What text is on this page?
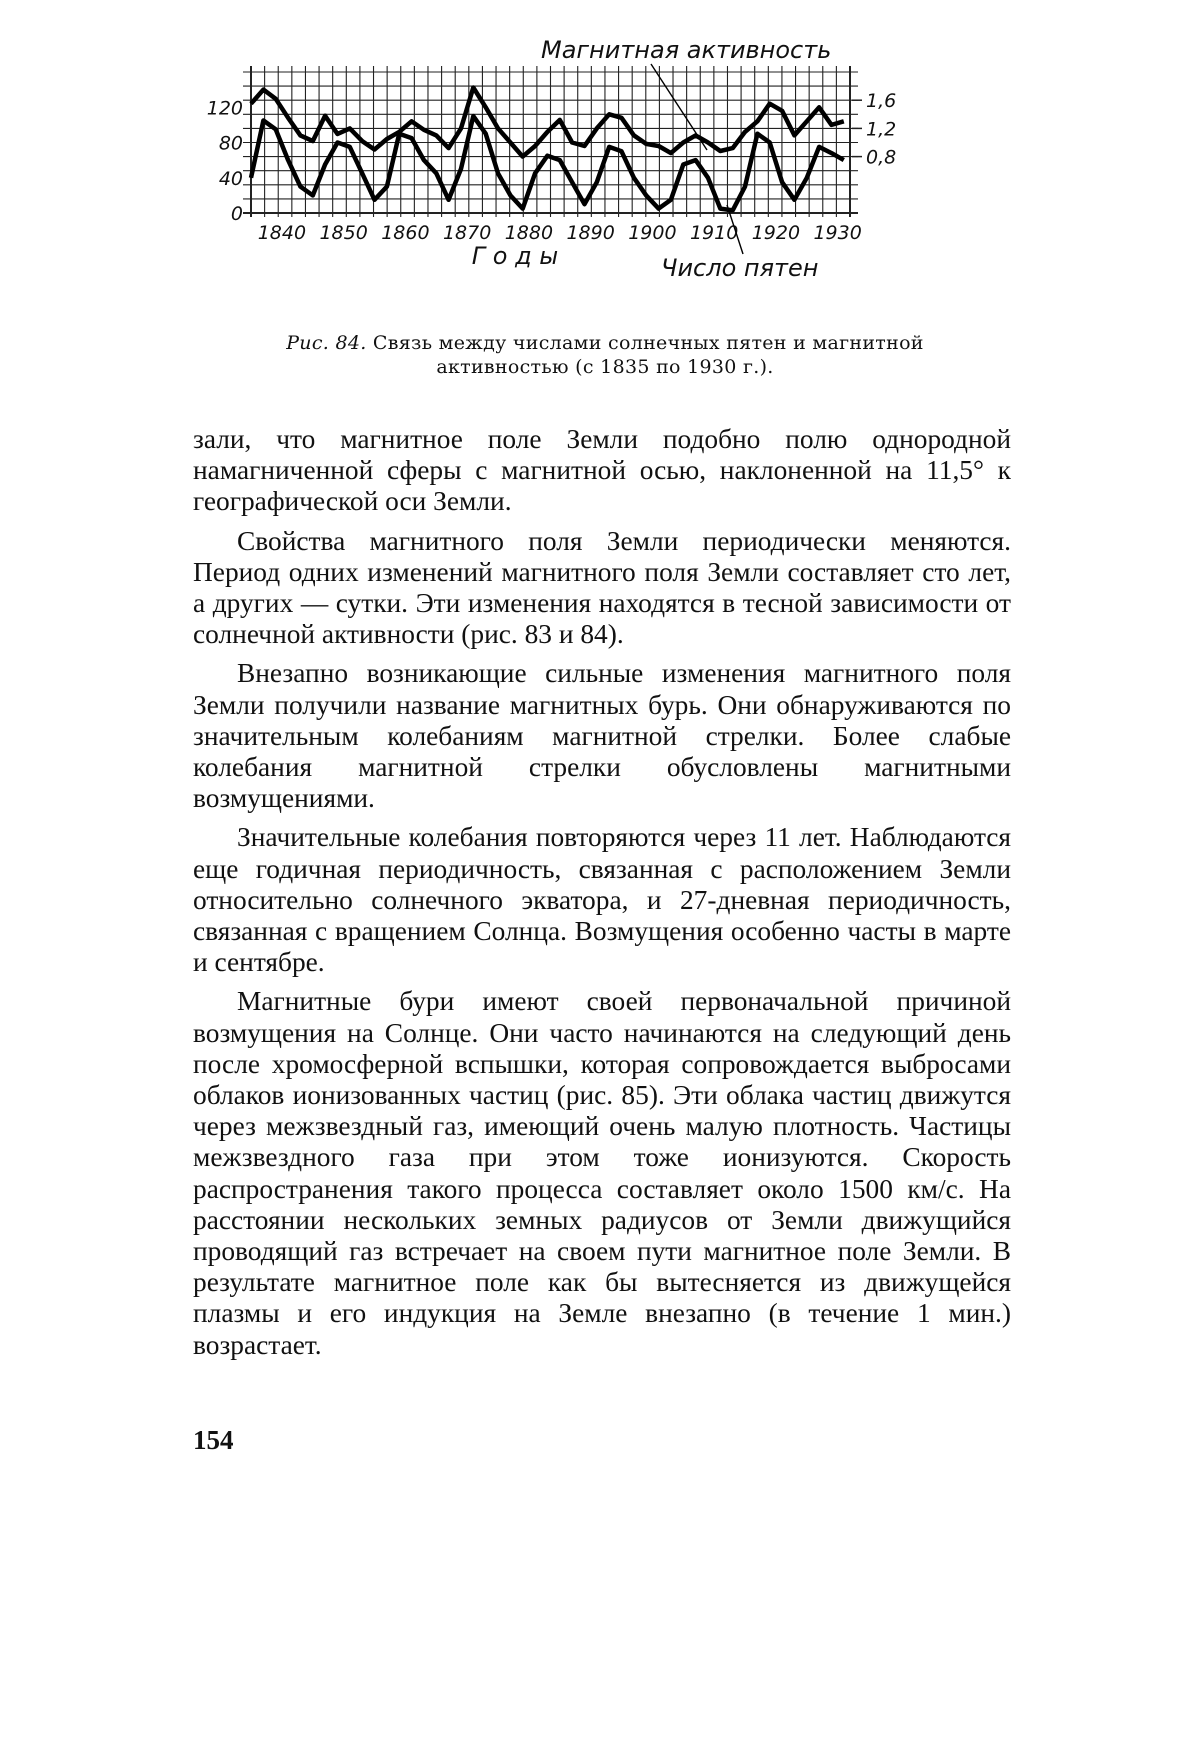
1840 1850 1860 1870 1880 1890 1900 1910 1920 1930
0
40
80
120
0,8
1,2
1,6
Г о д ы
Магнитная активность
Число пятен
Рис. 84. Связь между числами солнечных пятен и магнитной
активностью (с 1835 по 1930 г.).

зали, что магнитное поле Земли подобно полю однородной намагниченной сферы с магнитной осью, наклоненной на 11,5° к географической оси Земли.

Свойства магнитного поля Земли периодически меняются. Период одних изменений магнитного поля Земли составляет сто лет, а других — сутки. Эти изменения находятся в тесной зависимости от солнечной активности (рис. 83 и 84).

Внезапно возникающие сильные изменения магнитного поля Земли получили название магнитных бурь. Они обнаруживаются по значительным колебаниям магнитной стрелки. Более слабые колебания магнитной стрелки обусловлены магнитными возмущениями.

Значительные колебания повторяются через 11 лет. Наблюдаются еще годичная периодичность, связанная с расположением Земли относительно солнечного экватора, и 27-дневная периодичность, связанная с вращением Солнца. Возмущения особенно часты в марте и сентябре.

Магнитные бури имеют своей первоначальной причиной возмущения на Солнце. Они часто начинаются на следующий день после хромосферной вспышки, которая сопровождается выбросами облаков ионизованных частиц (рис. 85). Эти облака частиц движутся через межзвездный газ, имеющий очень малую плотность. Частицы межзвездного газа при этом тоже ионизуются. Скорость распространения такого процесса составляет около 1500 км/с. На расстоянии нескольких земных радиусов от Земли движущийся проводящий газ встречает на своем пути магнитное поле Земли. В результате магнитное поле как бы вытесняется из движущейся плазмы и его индукция на Земле внезапно (в течение 1 мин.) возрастает.

154
